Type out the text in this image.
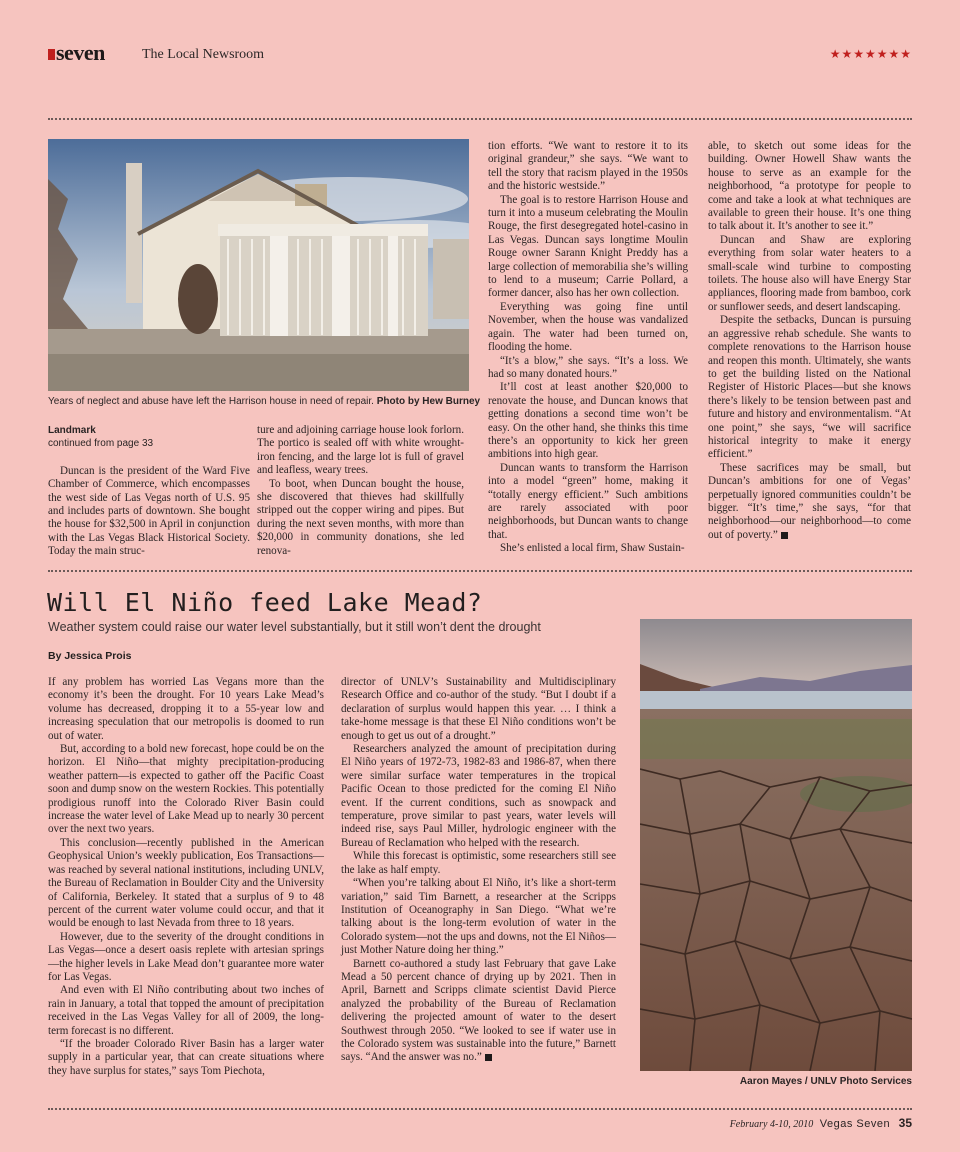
seven	The Local Newsroom	★★★★★★★
Years of neglect and abuse have left the Harrison house in need of repair. Photo by Hew Burney

Landmark

continued from page 33

Duncan is the president of the Ward Five Chamber of Commerce, which encompasses the west side of Las Vegas north of U.S. 95 and includes parts of downtown. She bought the house for $32,500 in April in conjunction with the Las Vegas Black Historical Society. Today the main struc-

ture and adjoining carriage house look forlorn. The portico is sealed off with white wrought-iron fencing, and the large lot is full of gravel and leafless, weary trees.

To boot, when Duncan bought the house, she discovered that thieves had skillfully stripped out the copper wiring and pipes. But during the next seven months, with more than $20,000 in community donations, she led renova-

tion efforts. “We want to restore it to its original grandeur,” she says. “We want to tell the story that racism played in the 1950s and the historic westside.”

The goal is to restore Harrison House and turn it into a museum celebrating the Moulin Rouge, the first desegregated hotel-casino in Las Vegas. Duncan says longtime Moulin Rouge owner Sarann Knight Preddy has a large collection of memorabilia she’s willing to lend to a museum; Carrie Pollard, a former dancer, also has her own collection.

Everything was going fine until November, when the house was vandalized again. The water had been turned on, flooding the home.

“It’s a blow,” she says. “It’s a loss. We had so many donated hours.”

It’ll cost at least another $20,000 to renovate the house, and Duncan knows that getting donations a second time won’t be easy. On the other hand, she thinks this time there’s an opportunity to kick her green ambitions into high gear.

Duncan wants to transform the Harrison into a model “green” home, making it “totally energy efficient.” Such ambitions are rarely associated with poor neighborhoods, but Duncan wants to change that.

She’s enlisted a local firm, Shaw Sustain-

able, to sketch out some ideas for the building. Owner Howell Shaw wants the house to serve as an example for the neighborhood, “a prototype for people to come and take a look at what techniques are available to green their house. It’s one thing to talk about it. It’s another to see it.”

Duncan and Shaw are exploring everything from solar water heaters to a small-scale wind turbine to composting toilets. The house also will have Energy Star appliances, flooring made from bamboo, cork or sunflower seeds, and desert landscaping.

Despite the setbacks, Duncan is pursuing an aggressive rehab schedule. She wants to complete renovations to the Harrison house and reopen this month. Ultimately, she wants to get the building listed on the National Register of Historic Places—but she knows there’s likely to be tension between past and future and history and environmentalism. “At one point,” she says, “we will sacrifice historical integrity to make it energy efficient.”

These sacrifices may be small, but Duncan’s ambitions for one of Vegas’ perpetually ignored communities couldn’t be bigger. “It’s time,” she says, “for that neighborhood—our neighborhood—to come out of poverty.”	7

Will El Niño feed Lake Mead?
Weather system could raise our water level substantially, but it still won’t dent the drought
By Jessica Prois

If any problem has worried Las Vegans more than the economy it’s been the drought. For 10 years Lake Mead’s volume has decreased, dropping it to a 55-year low and increasing speculation that our metropolis is doomed to run out of water.

But, according to a bold new forecast, hope could be on the horizon. El Niño—that mighty precipitation-producing weather pattern—is expected to gather off the Pacific Coast soon and dump snow on the western Rockies. This potentially prodigious runoff into the Colorado River Basin could increase the water level of Lake Mead up to nearly 30 percent over the next two years.

This conclusion—recently published in the American Geophysical Union’s weekly publication, Eos Transactions—was reached by several national institutions, including UNLV, the Bureau of Reclamation in Boulder City and the University of California, Berkeley. It stated that a surplus of 9 to 48 percent of the current water volume could occur, and that it would be enough to last Nevada from three to 18 years.

However, due to the severity of the drought conditions in Las Vegas—once a desert oasis replete with artesian springs—the higher levels in Lake Mead don’t guarantee more water for Las Vegas.

And even with El Niño contributing about two inches of rain in January, a total that topped the amount of precipitation received in the Las Vegas Valley for all of 2009, the long-term forecast is no different.

“If the broader Colorado River Basin has a larger water supply in a particular year, that can create situations where they have surplus for states,” says Tom Piechota,

director of UNLV’s Sustainability and Multidisciplinary Research Office and co-author of the study. “But I doubt if a declaration of surplus would happen this year. … I think a take-home message is that these El Niño conditions won’t be enough to get us out of a drought.”

Researchers analyzed the amount of precipitation during El Niño years of 1972-73, 1982-83 and 1986-87, when there were similar surface water temperatures in the tropical Pacific Ocean to those predicted for the coming El Niño event. If the current conditions, such as snowpack and temperature, prove similar to past years, water levels will indeed rise, says Paul Miller, hydrologic engineer with the Bureau of Reclamation who helped with the research.

While this forecast is optimistic, some researchers still see the lake as half empty.

“When you’re talking about El Niño, it’s like a short-term variation,” said Tim Barnett, a researcher at the Scripps Institution of Oceanography in San Diego. “What we’re talking about is the long-term evolution of water in the Colorado system—not the ups and downs, not the El Niños—just Mother Nature doing her thing.”

Barnett co-authored a study last February that gave Lake Mead a 50 percent chance of drying up by 2021. Then in April, Barnett and Scripps climate scientist David Pierce analyzed the probability of the Bureau of Reclamation delivering the projected amount of water to the desert Southwest through 2050. “We looked to see if water use in the Colorado system was sustainable into the future,” Barnett says. “And the answer was no.”	7

Aaron Mayes / UNLV Photo Services
February 4-10, 2010 Vegas Seven 35
